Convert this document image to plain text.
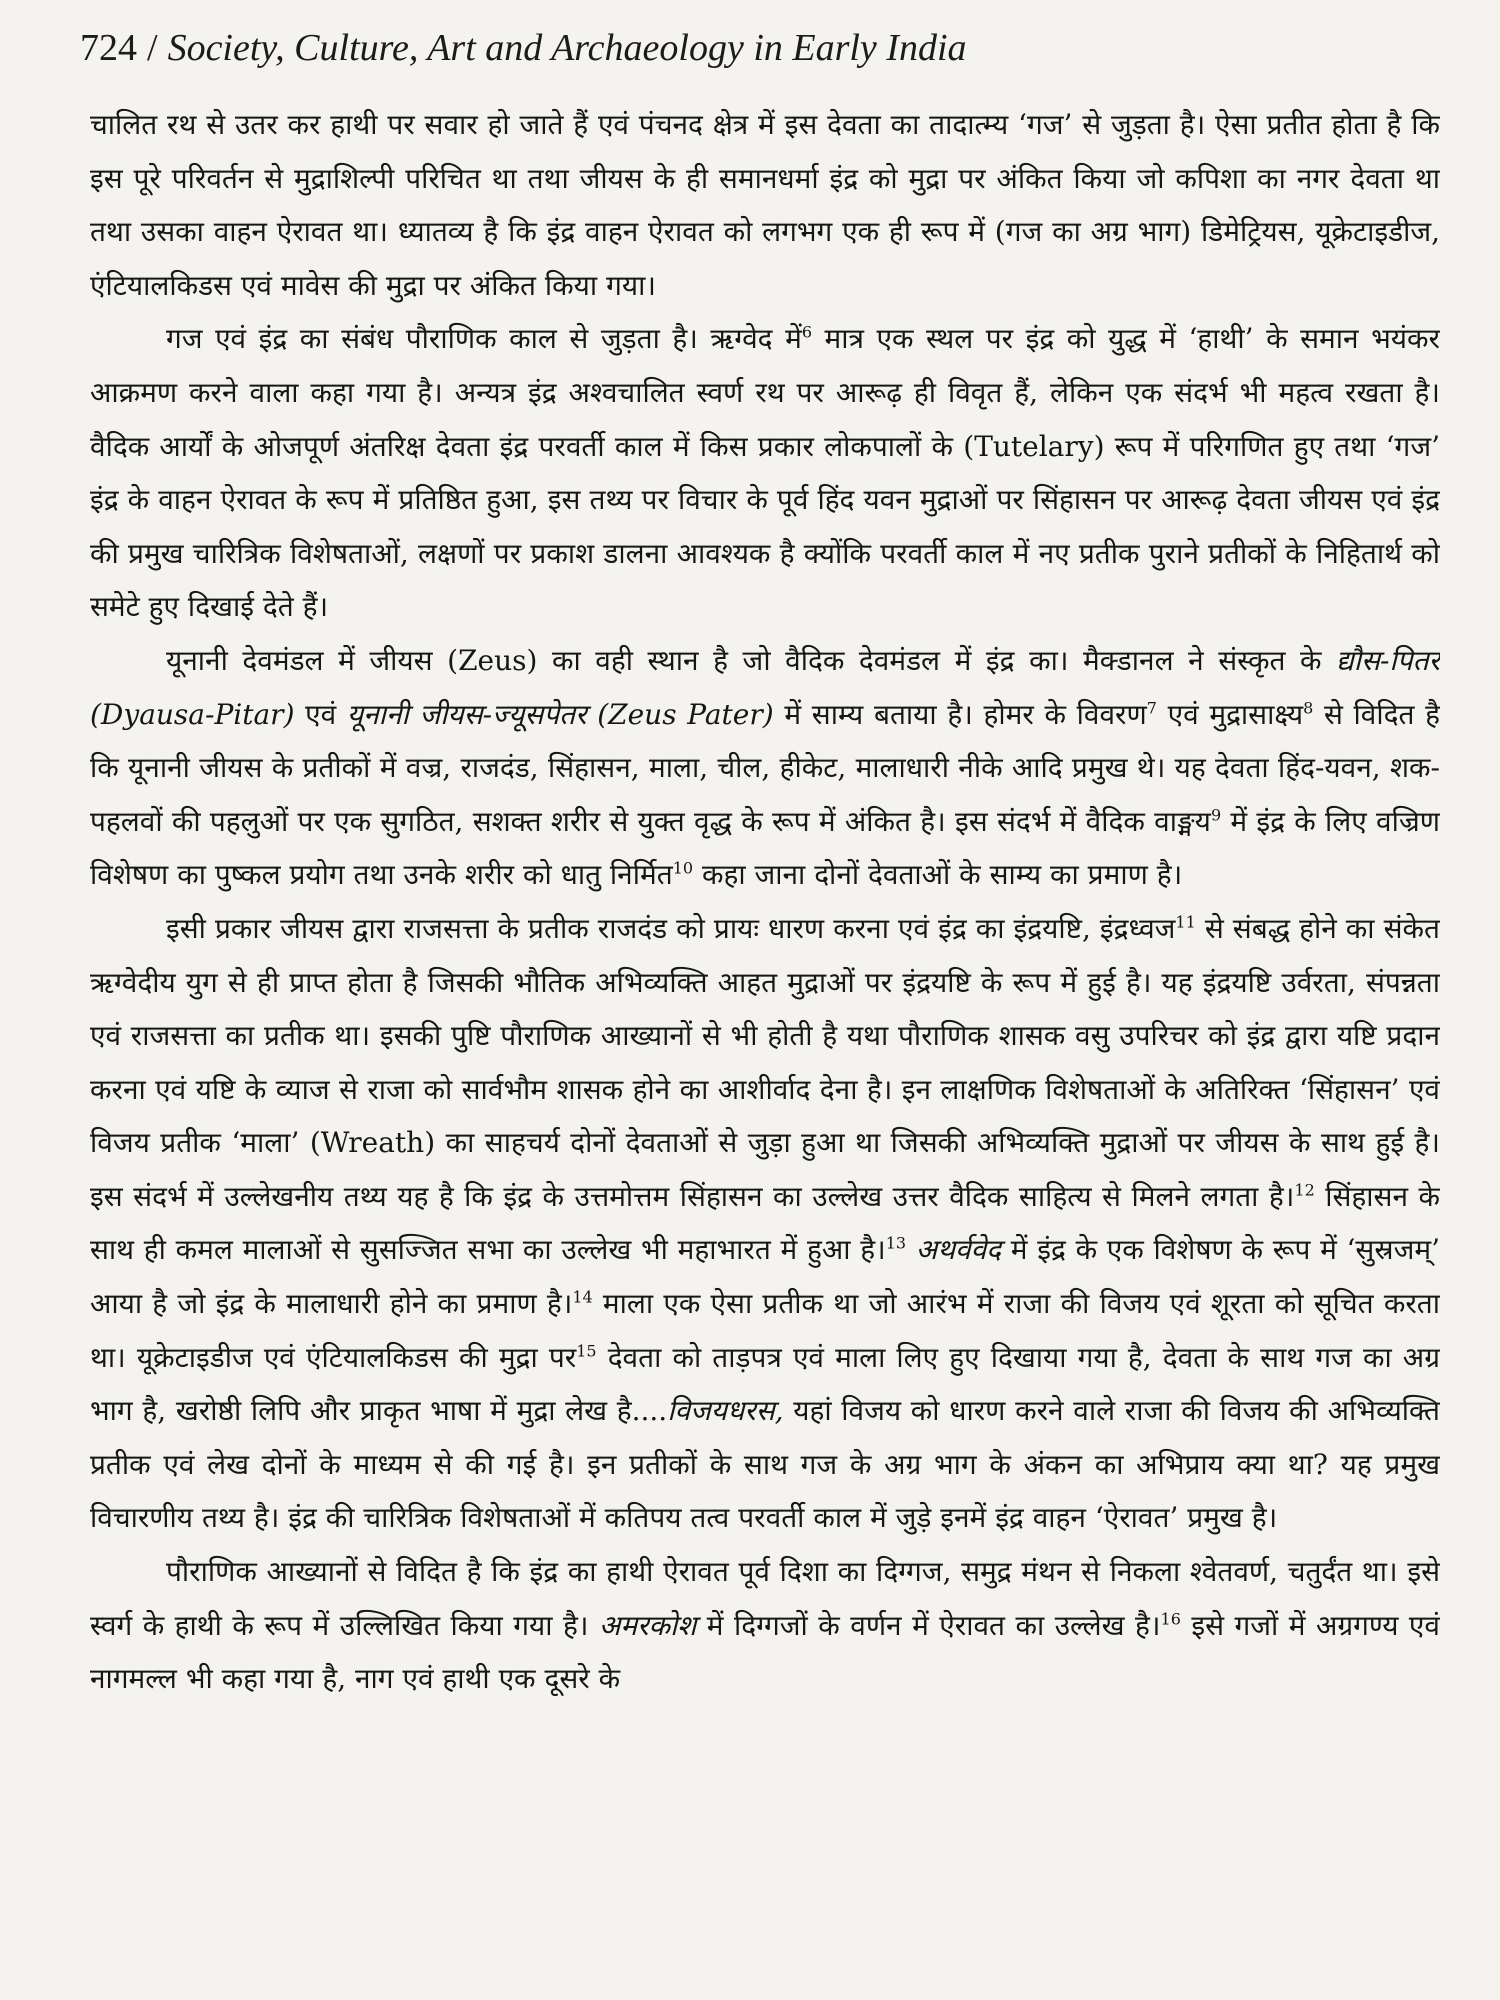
724 / Society, Culture, Art and Archaeology in Early India

चालित रथ से उतर कर हाथी पर सवार हो जाते हैं एवं पंचनद क्षेत्र में इस देवता का तादात्म्य ‘गज’ से जुड़ता है। ऐसा प्रतीत होता है कि इस पूरे परिवर्तन से मुद्राशिल्पी परिचित था तथा जीयस के ही समानधर्मा इंद्र को मुद्रा पर अंकित किया जो कपिशा का नगर देवता था तथा उसका वाहन ऐरावत था। ध्यातव्य है कि इंद्र वाहन ऐरावत को लगभग एक ही रूप में (गज का अग्र भाग) डिमेट्रियस, यूक्रेटाइडीज, एंटियालकिडस एवं मावेस की मुद्रा पर अंकित किया गया।

गज एवं इंद्र का संबंध पौराणिक काल से जुड़ता है। ऋग्वेद में$^6$ मात्र एक स्थल पर इंद्र को युद्ध में ‘हाथी’ के समान भयंकर आक्रमण करने वाला कहा गया है। अन्यत्र इंद्र अश्वचालित स्वर्ण रथ पर आरूढ़ ही विवृत हैं, लेकिन एक संदर्भ भी महत्व रखता है। वैदिक आर्यों के ओजपूर्ण अंतरिक्ष देवता इंद्र परवर्ती काल में किस प्रकार लोकपालों के (Tutelary) रूप में परिगणित हुए तथा ‘गज’ इंद्र के वाहन ऐरावत के रूप में प्रतिष्ठित हुआ, इस तथ्य पर विचार के पूर्व हिंद यवन मुद्राओं पर सिंहासन पर आरूढ़ देवता जीयस एवं इंद्र की प्रमुख चारित्रिक विशेषताओं, लक्षणों पर प्रकाश डालना आवश्यक है क्योंकि परवर्ती काल में नए प्रतीक पुराने प्रतीकों के निहितार्थ को समेटे हुए दिखाई देते हैं।

यूनानी देवमंडल में जीयस (Zeus) का वही स्थान है जो वैदिक देवमंडल में इंद्र का। मैक्डानल ने संस्कृत के द्यौस-पितर (Dyausa-Pitar) एवं यूनानी जीयस-ज्यूसपेतर (Zeus Pater) में साम्य बताया है। होमर के विवरण$^7$ एवं मुद्रासाक्ष्य$^8$ से विदित है कि यूनानी जीयस के प्रतीकों में वज्र, राजदंड, सिंहासन, माला, चील, हीकेट, मालाधारी नीके आदि प्रमुख थे। यह देवता हिंद-यवन, शक-पहलवों की पहलुओं पर एक सुगठित, सशक्त शरीर से युक्त वृद्ध के रूप में अंकित है। इस संदर्भ में वैदिक वाङ्मय$^9$ में इंद्र के लिए वज्रिण विशेषण का पुष्कल प्रयोग तथा उनके शरीर को धातु निर्मित$^{10}$ कहा जाना दोनों देवताओं के साम्य का प्रमाण है।

इसी प्रकार जीयस द्वारा राजसत्ता के प्रतीक राजदंड को प्रायः धारण करना एवं इंद्र का इंद्रयष्टि, इंद्रध्वज$^{11}$ से संबद्ध होने का संकेत ऋग्वेदीय युग से ही प्राप्त होता है जिसकी भौतिक अभिव्यक्ति आहत मुद्राओं पर इंद्रयष्टि के रूप में हुई है। यह इंद्रयष्टि उर्वरता, संपन्नता एवं राजसत्ता का प्रतीक था। इसकी पुष्टि पौराणिक आख्यानों से भी होती है यथा पौराणिक शासक वसु उपरिचर को इंद्र द्वारा यष्टि प्रदान करना एवं यष्टि के व्याज से राजा को सार्वभौम शासक होने का आशीर्वाद देना है। इन लाक्षणिक विशेषताओं के अतिरिक्त ‘सिंहासन’ एवं विजय प्रतीक ‘माला’ (Wreath) का साहचर्य दोनों देवताओं से जुड़ा हुआ था जिसकी अभिव्यक्ति मुद्राओं पर जीयस के साथ हुई है। इस संदर्भ में उल्लेखनीय तथ्य यह है कि इंद्र के उत्तमोत्तम सिंहासन का उल्लेख उत्तर वैदिक साहित्य से मिलने लगता है।$^{12}$ सिंहासन के साथ ही कमल मालाओं से सुसज्जित सभा का उल्लेख भी महाभारत में हुआ है।$^{13}$ अथर्ववेद में इंद्र के एक विशेषण के रूप में ‘सुस्रजम्’ आया है जो इंद्र के मालाधारी होने का प्रमाण है।$^{14}$ माला एक ऐसा प्रतीक था जो आरंभ में राजा की विजय एवं शूरता को सूचित करता था। यूक्रेटाइडीज एवं एंटियालकिडस की मुद्रा पर$^{15}$ देवता को ताड़पत्र एवं माला लिए हुए दिखाया गया है, देवता के साथ गज का अग्र भाग है, खरोष्ठी लिपि और प्राकृत भाषा में मुद्रा लेख है....विजयधरस, यहां विजय को धारण करने वाले राजा की विजय की अभिव्यक्ति प्रतीक एवं लेख दोनों के माध्यम से की गई है। इन प्रतीकों के साथ गज के अग्र भाग के अंकन का अभिप्राय क्या था? यह प्रमुख विचारणीय तथ्य है। इंद्र की चारित्रिक विशेषताओं में कतिपय तत्व परवर्ती काल में जुड़े इनमें इंद्र वाहन ‘ऐरावत’ प्रमुख है।

पौराणिक आख्यानों से विदित है कि इंद्र का हाथी ऐरावत पूर्व दिशा का दिग्गज, समुद्र मंथन से निकला श्वेतवर्ण, चतुर्दंत था। इसे स्वर्ग के हाथी के रूप में उल्लिखित किया गया है। अमरकोश में दिग्गजों के वर्णन में ऐरावत का उल्लेख है।$^{16}$ इसे गजों में अग्रगण्य एवं नागमल्ल भी कहा गया है, नाग एवं हाथी एक दूसरे के
